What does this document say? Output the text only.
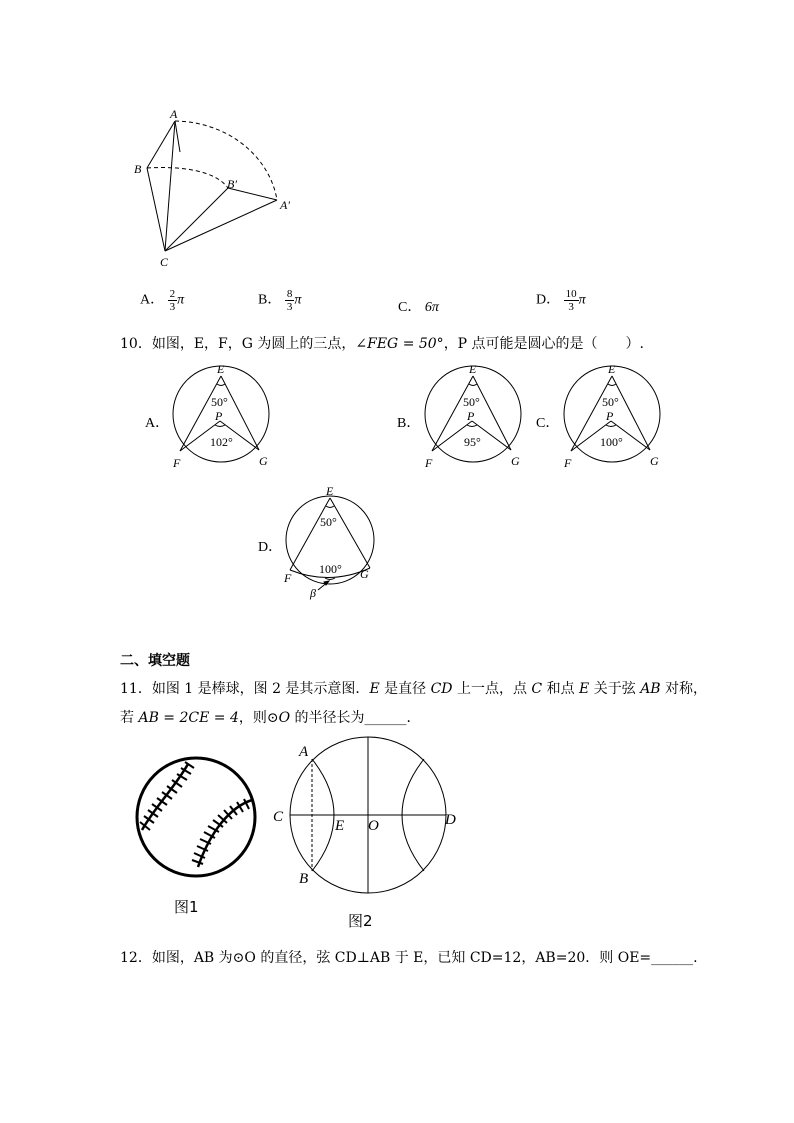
A
B
B′
A′
C
A． $\frac{2}{3}$ π	B． $\frac{8}{3}$ π	C． 6π	D． $\frac{10}{3}$ π
10．如图，E，F，G 为圆上的三点，∠FEG = 50°，P 点可能是圆心的是（　　）.
A．
E
50°
P
102°
F	G
B．
E
50°
P
95°
F	G
C．
E
50°
P
100°
F	G
D．
E
50°
100°
F	G
β
二、填空题
11．如图 1 是棒球，图 2 是其示意图．E 是直径 CD 上一点，点 C 和点 E 关于弦 AB 对称，
若 AB = 2CE = 4，则⊙O 的半径长为______．
图1
A
B
C	D
E O
图2
12．如图，AB 为⊙O 的直径，弦 CD⊥AB 于 E，已知 CD=12，AB=20．则 OE=______.
